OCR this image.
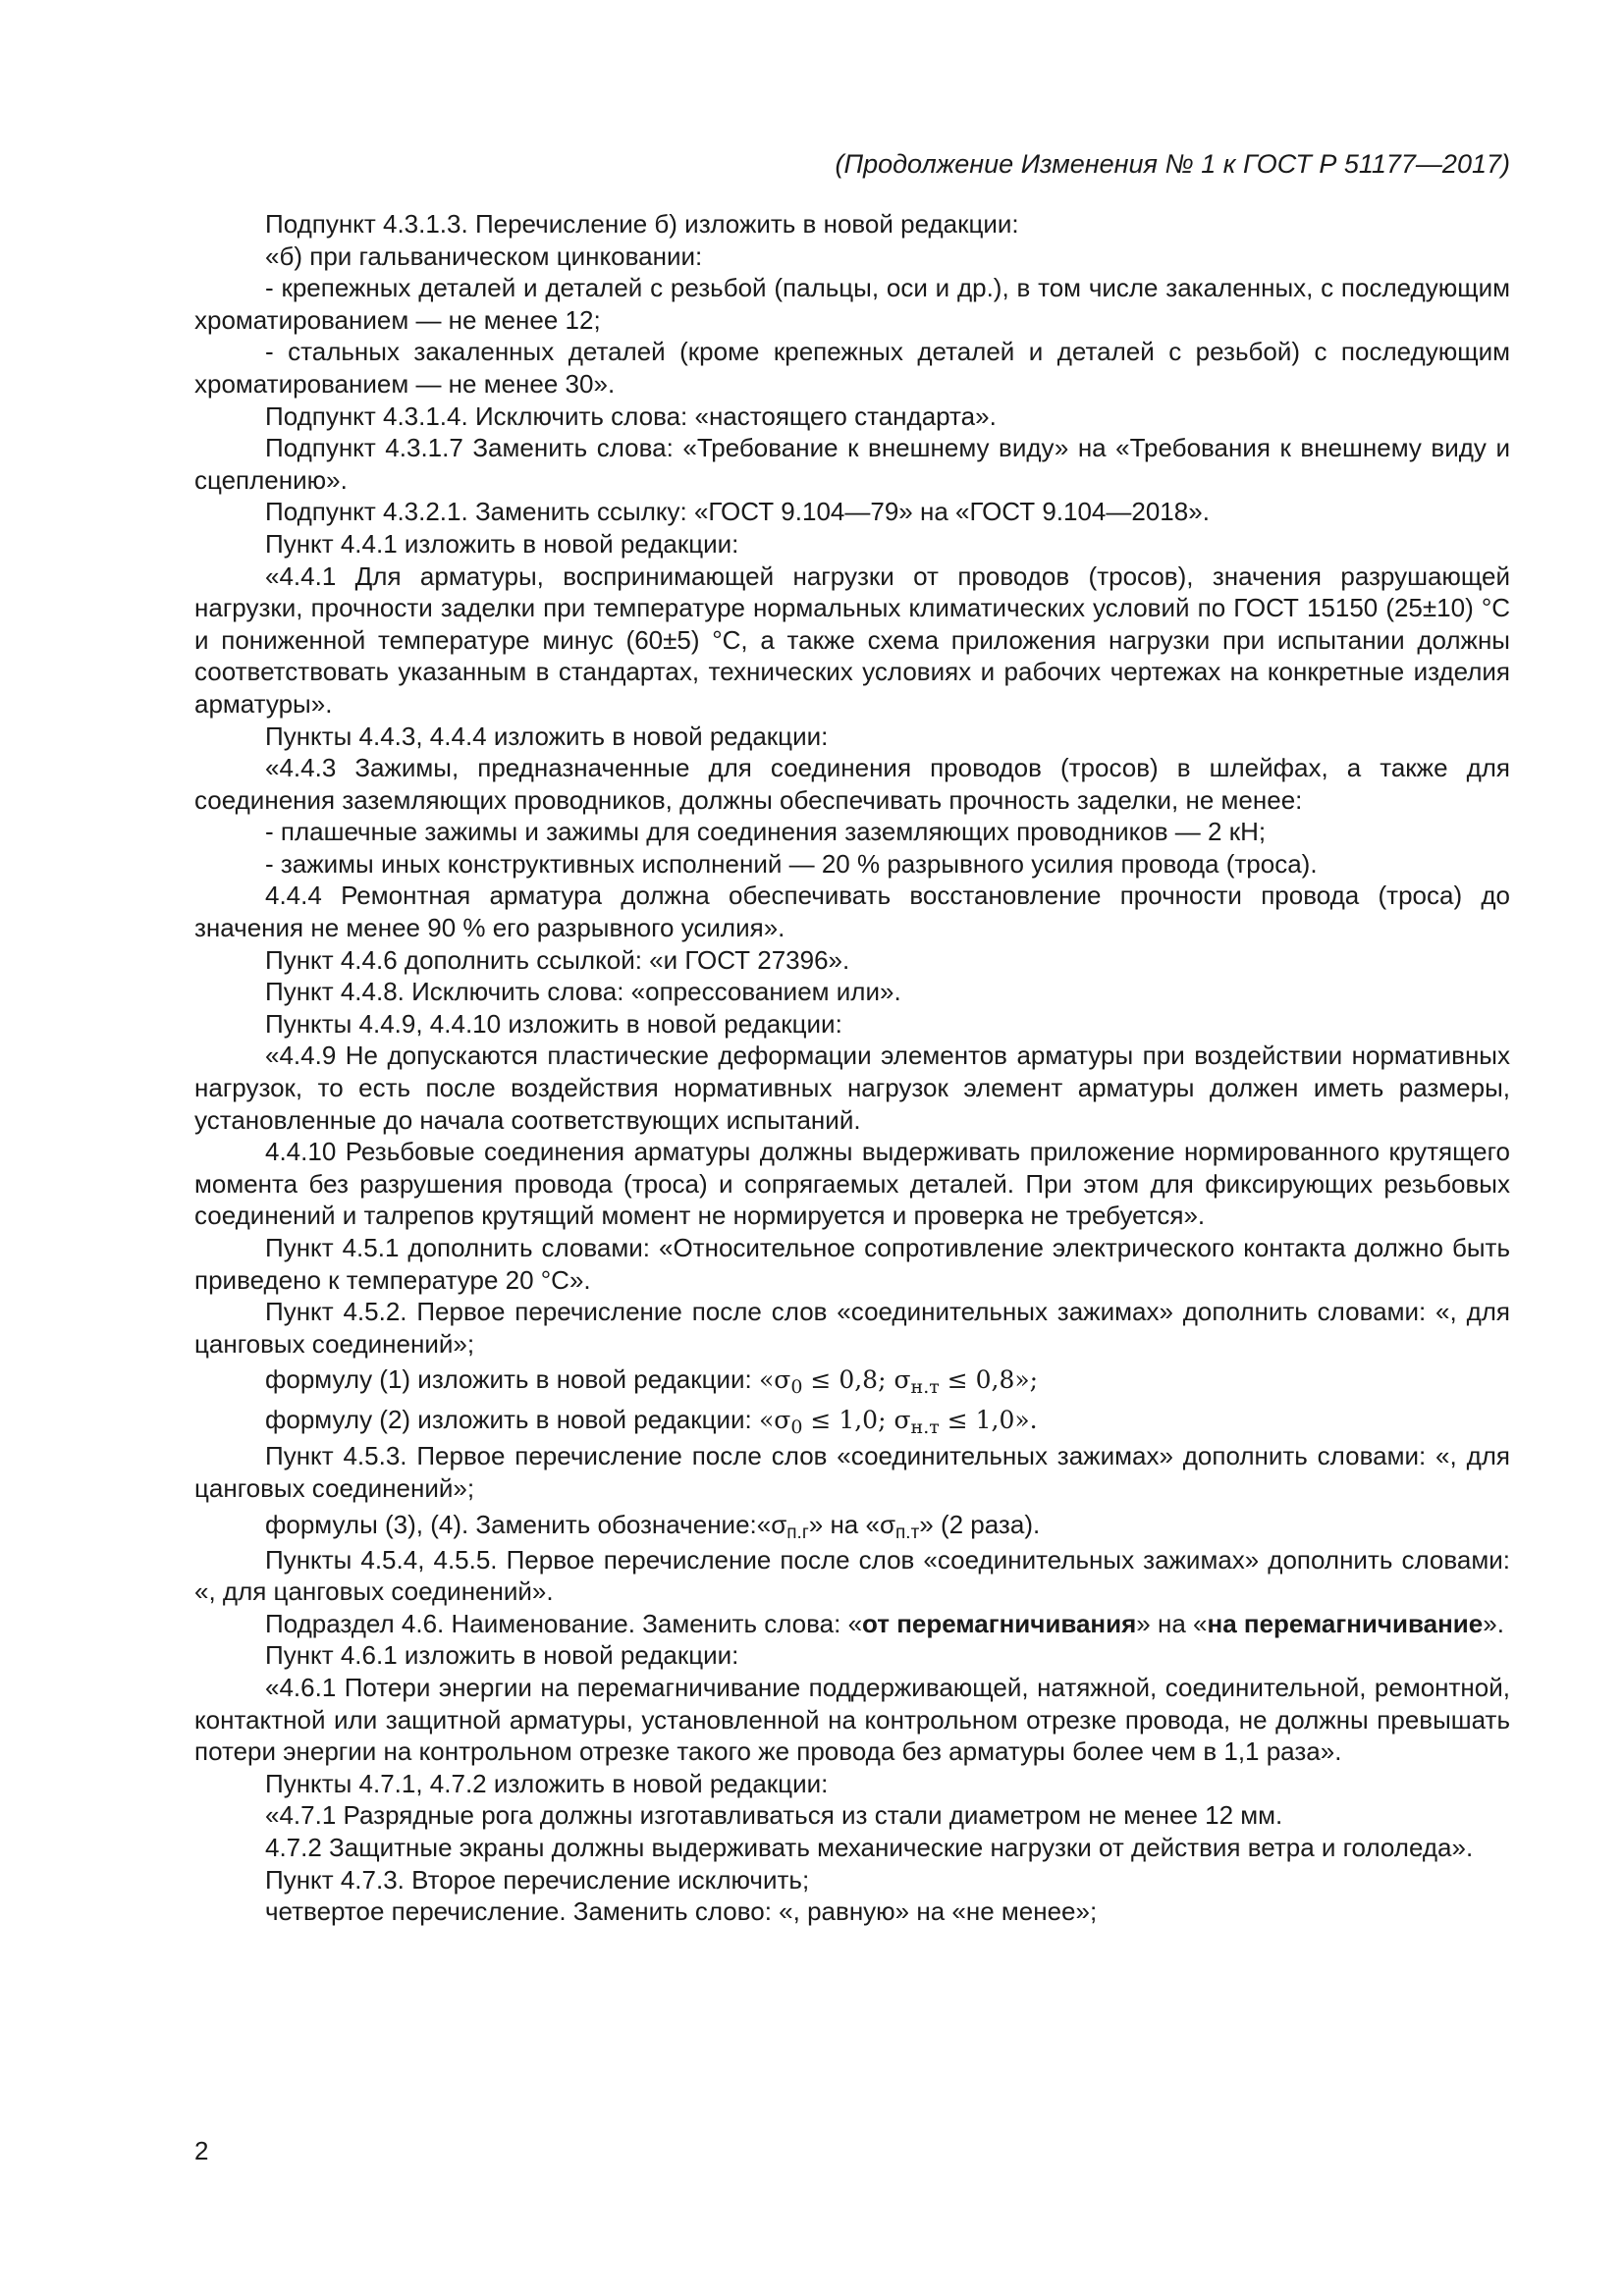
(Продолжение Изменения № 1 к ГОСТ Р 51177—2017)

Подпункт 4.3.1.3. Перечисление б) изложить в новой редакции:

«б) при гальваническом цинковании:

- крепежных деталей и деталей с резьбой (пальцы, оси и др.), в том числе закаленных, с последующим хроматированием — не менее 12;

- стальных закаленных деталей (кроме крепежных деталей и деталей с резьбой) с последующим хроматированием — не менее 30».

Подпункт 4.3.1.4. Исключить слова: «настоящего стандарта».

Подпункт 4.3.1.7 Заменить слова: «Требование к внешнему виду» на «Требования к внешнему виду и сцеплению».

Подпункт 4.3.2.1. Заменить ссылку: «ГОСТ 9.104—79» на «ГОСТ 9.104—2018».

Пункт 4.4.1 изложить в новой редакции:

«4.4.1 Для арматуры, воспринимающей нагрузки от проводов (тросов), значения разрушающей нагрузки, прочности заделки при температуре нормальных климатических условий по ГОСТ 15150 (25±10) °С и пониженной температуре минус (60±5) °С, а также схема приложения нагрузки при испытании должны соответствовать указанным в стандартах, технических условиях и рабочих чертежах на конкретные изделия арматуры».

Пункты 4.4.3, 4.4.4 изложить в новой редакции:

«4.4.3 Зажимы, предназначенные для соединения проводов (тросов) в шлейфах, а также для соединения заземляющих проводников, должны обеспечивать прочность заделки, не менее:

- плашечные зажимы и зажимы для соединения заземляющих проводников — 2 кН;

- зажимы иных конструктивных исполнений — 20 % разрывного усилия провода (троса).

4.4.4 Ремонтная арматура должна обеспечивать восстановление прочности провода (троса) до значения не менее 90 % его разрывного усилия».

Пункт 4.4.6 дополнить ссылкой: «и ГОСТ 27396».

Пункт 4.4.8. Исключить слова: «опрессованием или».

Пункты 4.4.9, 4.4.10 изложить в новой редакции:

«4.4.9 Не допускаются пластические деформации элементов арматуры при воздействии нормативных нагрузок, то есть после воздействия нормативных нагрузок элемент арматуры должен иметь размеры, установленные до начала соответствующих испытаний.

4.4.10 Резьбовые соединения арматуры должны выдерживать приложение нормированного крутящего момента без разрушения провода (троса) и сопрягаемых деталей. При этом для фиксирующих резьбовых соединений и талрепов крутящий момент не нормируется и проверка не требуется».

Пункт 4.5.1 дополнить словами: «Относительное сопротивление электрического контакта должно быть приведено к температуре 20 °С».

Пункт 4.5.2. Первое перечисление после слов «соединительных зажимах» дополнить словами: «, для цанговых соединений»;

формулу (1) изложить в новой редакции: «$\sigma_0 \le 0,8$; $\sigma_{н.т} \le 0,8$»;

формулу (2) изложить в новой редакции: «$\sigma_0 \le 1,0$; $\sigma_{н.т} \le 1,0$».

Пункт 4.5.3. Первое перечисление после слов «соединительных зажимах» дополнить словами: «, для цанговых соединений»;

формулы (3), (4). Заменить $обозначение:«\sigma_{п.г}$» на «$\sigma_{п.т}$» (2 раза).

Пункты 4.5.4, 4.5.5. Первое перечисление после слов «соединительных зажимах» дополнить словами: «, для цанговых соединений».

Подраздел 4.6. Наименование. Заменить слова: «от перемагничивания» на «на перемагничивание».

Пункт 4.6.1 изложить в новой редакции:

«4.6.1 Потери энергии на перемагничивание поддерживающей, натяжной, соединительной, ремонтной, контактной или защитной арматуры, установленной на контрольном отрезке провода, не должны превышать потери энергии на контрольном отрезке такого же провода без арматуры более чем в 1,1 раза».

Пункты 4.7.1, 4.7.2 изложить в новой редакции:

«4.7.1 Разрядные рога должны изготавливаться из стали диаметром не менее 12 мм.

4.7.2 Защитные экраны должны выдерживать механические нагрузки от действия ветра и гололеда».

Пункт 4.7.3. Второе перечисление исключить;

четвертое перечисление. Заменить слово: «, равную» на «не менее»;

2
